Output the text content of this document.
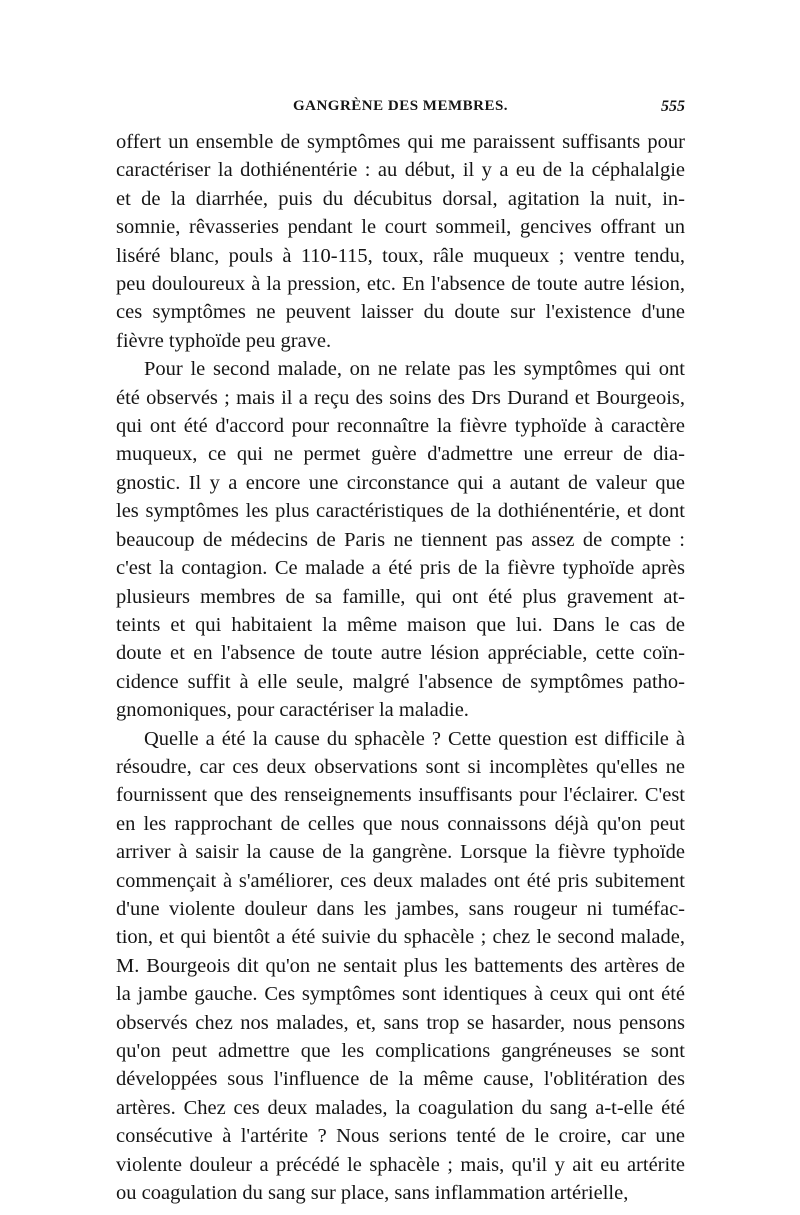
GANGRÈNE DES MEMBRES.	555

offert un ensemble de symptômes qui me paraissent suffisants pour
caractériser la dothiénentérie : au début, il y a eu de la céphalalgie
et de la diarrhée, puis du décubitus dorsal, agitation la nuit, in-
somnie, rêvasseries pendant le court sommeil, gencives offrant un
liséré blanc, pouls à 110-115, toux, râle muqueux ; ventre tendu,
peu douloureux à la pression, etc. En l'absence de toute autre lésion,
ces symptômes ne peuvent laisser du doute sur l'existence d'une
fièvre typhoïde peu grave.

Pour le second malade, on ne relate pas les symptômes qui ont
été observés ; mais il a reçu des soins des Drs Durand et Bourgeois,
qui ont été d'accord pour reconnaître la fièvre typhoïde à caractère
muqueux, ce qui ne permet guère d'admettre une erreur de dia-
gnostic. Il y a encore une circonstance qui a autant de valeur que
les symptômes les plus caractéristiques de la dothiénentérie, et dont
beaucoup de médecins de Paris ne tiennent pas assez de compte :
c'est la contagion. Ce malade a été pris de la fièvre typhoïde après
plusieurs membres de sa famille, qui ont été plus gravement at-
teints et qui habitaient la même maison que lui. Dans le cas de
doute et en l'absence de toute autre lésion appréciable, cette coïn-
cidence suffit à elle seule, malgré l'absence de symptômes patho-
gnomoniques, pour caractériser la maladie.

Quelle a été la cause du sphacèle ? Cette question est difficile à
résoudre, car ces deux observations sont si incomplètes qu'elles ne
fournissent que des renseignements insuffisants pour l'éclairer. C'est
en les rapprochant de celles que nous connaissons déjà qu'on peut
arriver à saisir la cause de la gangrène. Lorsque la fièvre typhoïde
commençait à s'améliorer, ces deux malades ont été pris subitement
d'une violente douleur dans les jambes, sans rougeur ni tuméfac-
tion, et qui bientôt a été suivie du sphacèle ; chez le second malade,
M. Bourgeois dit qu'on ne sentait plus les battements des artères de
la jambe gauche. Ces symptômes sont identiques à ceux qui ont été
observés chez nos malades, et, sans trop se hasarder, nous pensons
qu'on peut admettre que les complications gangréneuses se sont
développées sous l'influence de la même cause, l'oblitération des
artères. Chez ces deux malades, la coagulation du sang a-t-elle été
consécutive à l'artérite ? Nous serions tenté de le croire, car une
violente douleur a précédé le sphacèle ; mais, qu'il y ait eu artérite
ou coagulation du sang sur place, sans inflammation artérielle,
